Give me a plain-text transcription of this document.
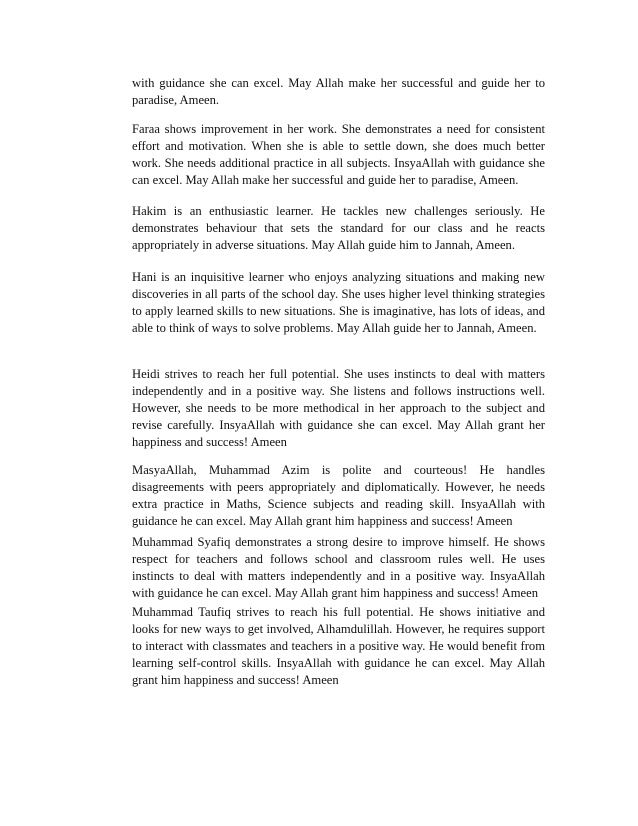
with guidance she can excel. May Allah make her successful and guide her to paradise, Ameen.

Faraa shows improvement in her work. She demonstrates a need for consistent effort and motivation. When she is able to settle down, she does much better work. She needs additional practice in all subjects. InsyaAllah with guidance she can excel. May Allah make her successful and guide her to paradise, Ameen.

Hakim is an enthusiastic learner. He tackles new challenges seriously. He demonstrates behaviour that sets the standard for our class and he reacts appropriately in adverse situations. May Allah guide him to Jannah, Ameen.

Hani is an inquisitive learner who enjoys analyzing situations and making new discoveries in all parts of the school day. She uses higher level thinking strategies to apply learned skills to new situations. She is imaginative, has lots of ideas, and able to think of ways to solve problems. May Allah guide her to Jannah, Ameen.

Heidi strives to reach her full potential. She uses instincts to deal with matters independently and in a positive way. She listens and follows instructions well. However, she needs to be more methodical in her approach to the subject and revise carefully. InsyaAllah with guidance she can excel. May Allah grant her happiness and success! Ameen

MasyaAllah, Muhammad Azim is polite and courteous! He handles disagreements with peers appropriately and diplomatically. However, he needs extra practice in Maths, Science subjects and reading skill. InsyaAllah with guidance he can excel. May Allah grant him happiness and success! Ameen

Muhammad Syafiq demonstrates a strong desire to improve himself. He shows respect for teachers and follows school and classroom rules well. He uses instincts to deal with matters independently and in a positive way. InsyaAllah with guidance he can excel. May Allah grant him happiness and success! Ameen

Muhammad Taufiq strives to reach his full potential. He shows initiative and looks for new ways to get involved, Alhamdulillah. However, he requires support to interact with classmates and teachers in a positive way. He would benefit from learning self-control skills. InsyaAllah with guidance he can excel. May Allah grant him happiness and success! Ameen
